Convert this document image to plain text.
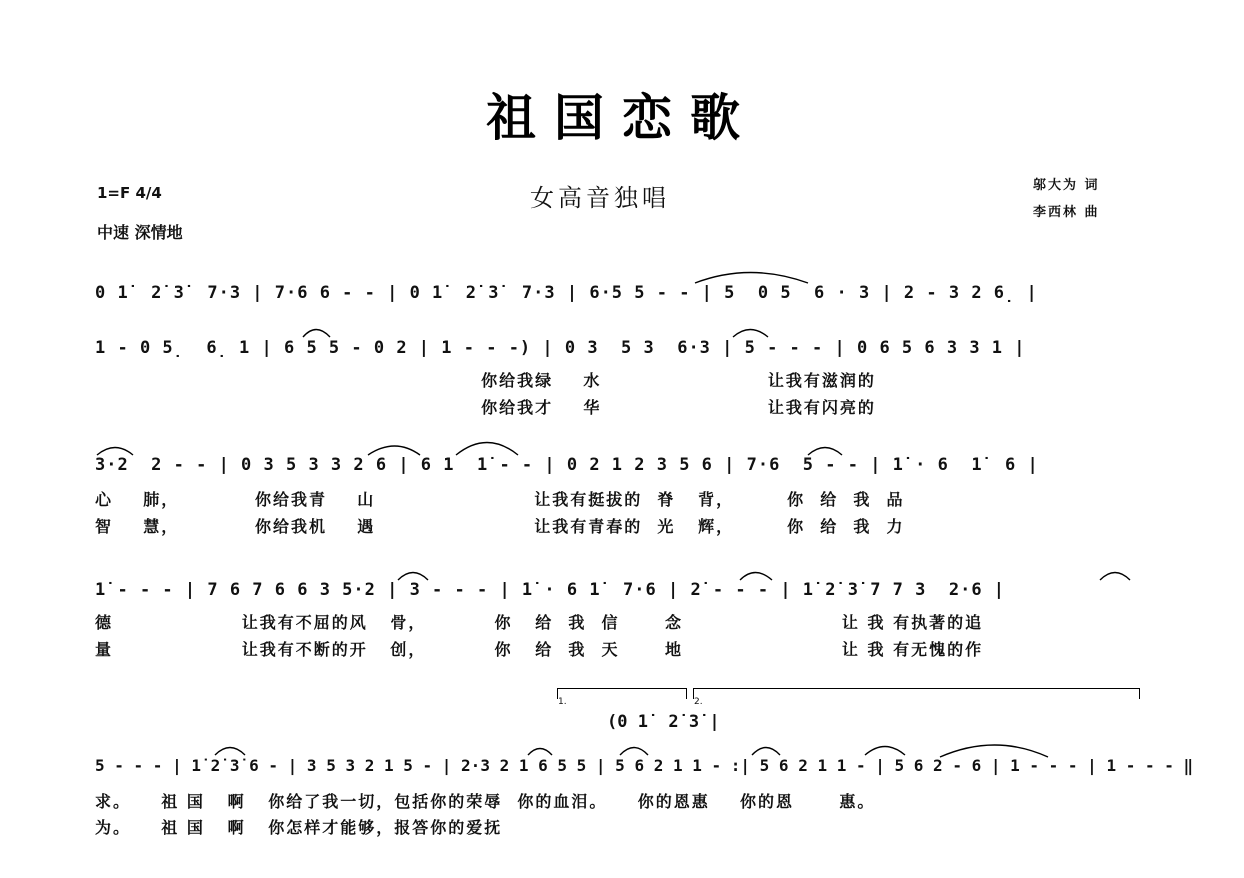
祖国恋歌
女高音独唱
1=F 4/4
中速 深情地
邬大为 词
李西林 曲
0 1̇  2̇ 3̇  7·3 | 7·6 6 - - | 0 1̇  2̇ 3̇  7·3 | 6·5 5 - - | 5  0 5  6 · 3 | 2 - 3 2 6̣ |
1 - 0 5̣  6̣ 1 | 6 5 5 - 0 2 | 1 - - -) | 0 3  5 3  6·3 | 5 - - - | 0 6 5 6 3 3 1 |
你给我绿    水                      让我有滋润的
你给我才    华                      让我有闪亮的
3·2  2 - - | 0 3 5 3 3 2 6 | 6 1  1̇ - - | 0 2 1 2 3 5 6 | 7·6  5 - - | 1̇ · 6  1̇  6 |
心    肺，          你给我青    山                     让我有挺拔的  脊   背，       你  给  我  品
智    慧，          你给我机    遇                     让我有青春的  光   辉，       你  给  我  力
1̇ - - - | 7 6 7 6 6 3 5·2 | 3 - - - | 1̇ · 6 1̇  7·6 | 2̇ - - - | 1̇ 2̇ 3̇ 7 7 3  2·6 |
德                 让我有不屈的风   骨，         你   给  我  信      念                     让 我 有执著的追
量                 让我有不断的开   创，         你   给  我  天      地                     让 我 有无愧的作
1.	2.
(0 1̇  2̇ 3̇ |
5 - - - | 1̇ 2̇ 3̇ 6 - | 3 5 3 2 1 5 - | 2·3 2 1 6 5 5 | 5 6 2 1 1 - :| 5 6 2 1 1 - | 5 6 2 - 6 | 1 - - - | 1 - - - ‖
求。    祖 国   啊   你给了我一切，包括你的荣辱  你的血泪。    你的恩惠    你的恩      惠。
为。    祖 国   啊   你怎样才能够，报答你的爱抚
